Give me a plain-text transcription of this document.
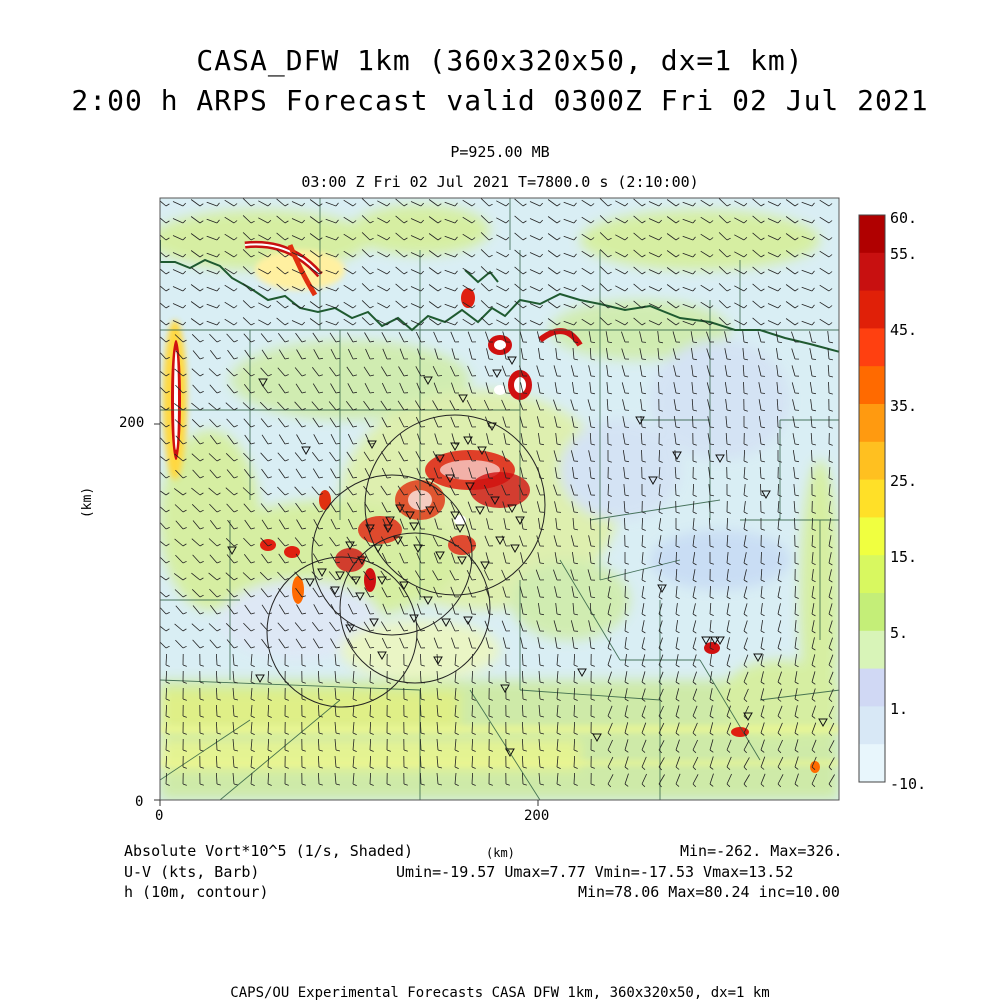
CASA_DFW 1km (360x320x50, dx=1 km)
2:00 h ARPS Forecast valid 0300Z Fri 02 Jul 2021
P=925.00 MB
03:00 Z Fri 02 Jul 2021 T=7800.0 s (2:10:00)
0
200
0	200
(km)
60.
55.
45.
35.
25.
15.
5.
1.
-10.
Absolute Vort*10^5 (1/s, Shaded)	(km)	Min=-262. Max=326.
U-V (kts, Barb)	Umin=-19.57 Umax=7.77 Vmin=-17.53 Vmax=13.52
h (10m, contour)	Min=78.06 Max=80.24 inc=10.00
CAPS/OU Experimental Forecasts CASA DFW 1km, 360x320x50, dx=1 km
